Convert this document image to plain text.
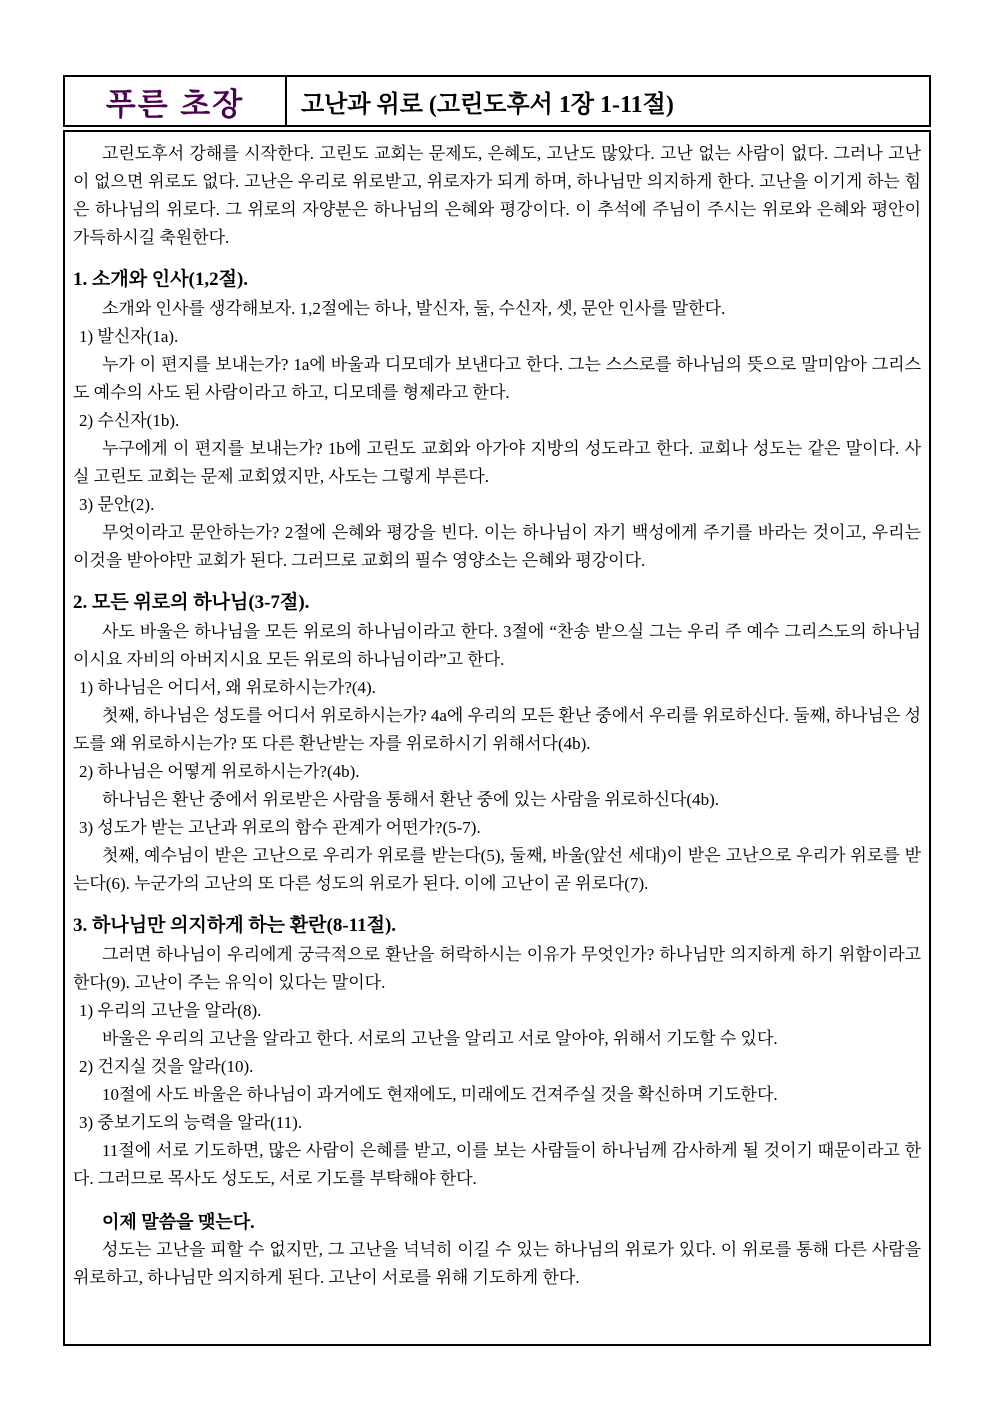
푸른 초장 고난과 위로 (고린도후서 1장 1-11절)

고린도후서 강해를 시작한다. 고린도 교회는 문제도, 은혜도, 고난도 많았다. 고난 없는 사람이 없다. 그러나 고난이 없으면 위로도 없다. 고난은 우리로 위로받고, 위로자가 되게 하며, 하나님만 의지하게 한다. 고난을 이기게 하는 힘은 하나님의 위로다. 그 위로의 자양분은 하나님의 은혜와 평강이다. 이 추석에 주님이 주시는 위로와 은혜와 평안이 가득하시길 축원한다.

1. 소개와 인사(1,2절).

소개와 인사를 생각해보자. 1,2절에는 하나, 발신자, 둘, 수신자, 셋, 문안 인사를 말한다.

1) 발신자(1a).

누가 이 편지를 보내는가? 1a에 바울과 디모데가 보낸다고 한다. 그는 스스로를 하나님의 뜻으로 말미암아 그리스도 예수의 사도 된 사람이라고 하고, 디모데를 형제라고 한다.

2) 수신자(1b).

누구에게 이 편지를 보내는가? 1b에 고린도 교회와 아가야 지방의 성도라고 한다. 교회나 성도는 같은 말이다. 사실 고린도 교회는 문제 교회였지만, 사도는 그렇게 부른다.

3) 문안(2).

무엇이라고 문안하는가? 2절에 은혜와 평강을 빈다. 이는 하나님이 자기 백성에게 주기를 바라는 것이고, 우리는 이것을 받아야만 교회가 된다. 그러므로 교회의 필수 영양소는 은혜와 평강이다.

2. 모든 위로의 하나님(3-7절).

사도 바울은 하나님을 모든 위로의 하나님이라고 한다. 3절에 “찬송 받으실 그는 우리 주 예수 그리스도의 하나님이시요 자비의 아버지시요 모든 위로의 하나님이라”고 한다.

1) 하나님은 어디서, 왜 위로하시는가?(4).

첫째, 하나님은 성도를 어디서 위로하시는가? 4a에 우리의 모든 환난 중에서 우리를 위로하신다. 둘째, 하나님은 성도를 왜 위로하시는가? 또 다른 환난받는 자를 위로하시기 위해서다(4b).

2) 하나님은 어떻게 위로하시는가?(4b).

하나님은 환난 중에서 위로받은 사람을 통해서 환난 중에 있는 사람을 위로하신다(4b).

3) 성도가 받는 고난과 위로의 함수 관계가 어떤가?(5-7).

첫째, 예수님이 받은 고난으로 우리가 위로를 받는다(5), 둘째, 바울(앞선 세대)이 받은 고난으로 우리가 위로를 받는다(6). 누군가의 고난의 또 다른 성도의 위로가 된다. 이에 고난이 곧 위로다(7).

3. 하나님만 의지하게 하는 환란(8-11절).

그러면 하나님이 우리에게 궁극적으로 환난을 허락하시는 이유가 무엇인가? 하나님만 의지하게 하기 위함이라고 한다(9). 고난이 주는 유익이 있다는 말이다.

1) 우리의 고난을 알라(8).

바울은 우리의 고난을 알라고 한다. 서로의 고난을 알리고 서로 알아야, 위해서 기도할 수 있다.

2) 건지실 것을 알라(10).

10절에 사도 바울은 하나님이 과거에도 현재에도, 미래에도 건져주실 것을 확신하며 기도한다.

3) 중보기도의 능력을 알라(11).

11절에 서로 기도하면, 많은 사람이 은혜를 받고, 이를 보는 사람들이 하나님께 감사하게 될 것이기 때문이라고 한다. 그러므로 목사도 성도도, 서로 기도를 부탁해야 한다.

이제 말씀을 맺는다.

성도는 고난을 피할 수 없지만, 그 고난을 넉넉히 이길 수 있는 하나님의 위로가 있다. 이 위로를 통해 다른 사람을 위로하고, 하나님만 의지하게 된다. 고난이 서로를 위해 기도하게 한다.
